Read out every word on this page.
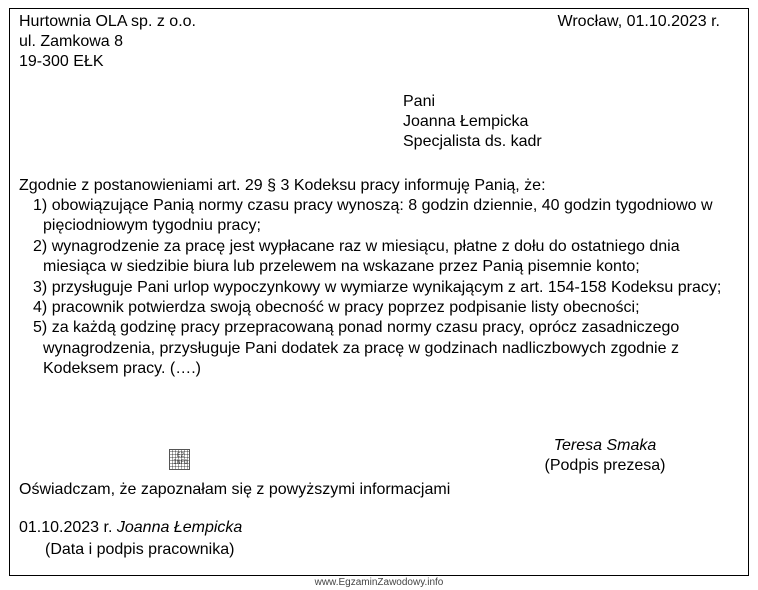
Hurtownia OLA sp. z o.o.
ul. Zamkowa 8
19-300 EŁK
Wrocław, 01.10.2023 r.
Pani
Joanna Łempicka
Specjalista ds. kadr
Zgodnie z postanowieniami art. 29 § 3 Kodeksu pracy informuję Panią, że:
1) obowiązujące Panią normy czasu pracy wynoszą: 8 godzin dziennie, 40 godzin tygodniowo w pięciodniowym tygodniu pracy;
2) wynagrodzenie za pracę jest wypłacane raz w miesiącu, płatne z dołu do ostatniego dnia miesiąca w siedzibie biura lub przelewem na wskazane przez Panią pisemnie konto;
3) przysługuje Pani urlop wypoczynkowy w wymiarze wynikającym z art. 154-158 Kodeksu pracy;
4) pracownik potwierdza swoją obecność w pracy poprzez podpisanie listy obecności;
5) za każdą godzinę pracy przepracowaną ponad normy czasu pracy, oprócz zasadniczego wynagrodzenia, przysługuje Pani dodatek za pracę w godzinach nadliczbowych zgodnie z Kodeksem pracy. (….)
EZ INFO
Teresa Smaka
(Podpis prezesa)
Oświadczam, że zapoznałam się z powyższymi informacjami
01.10.2023 r. Joanna Łempicka
(Data i podpis pracownika)
www.EgzaminZawodowy.info
